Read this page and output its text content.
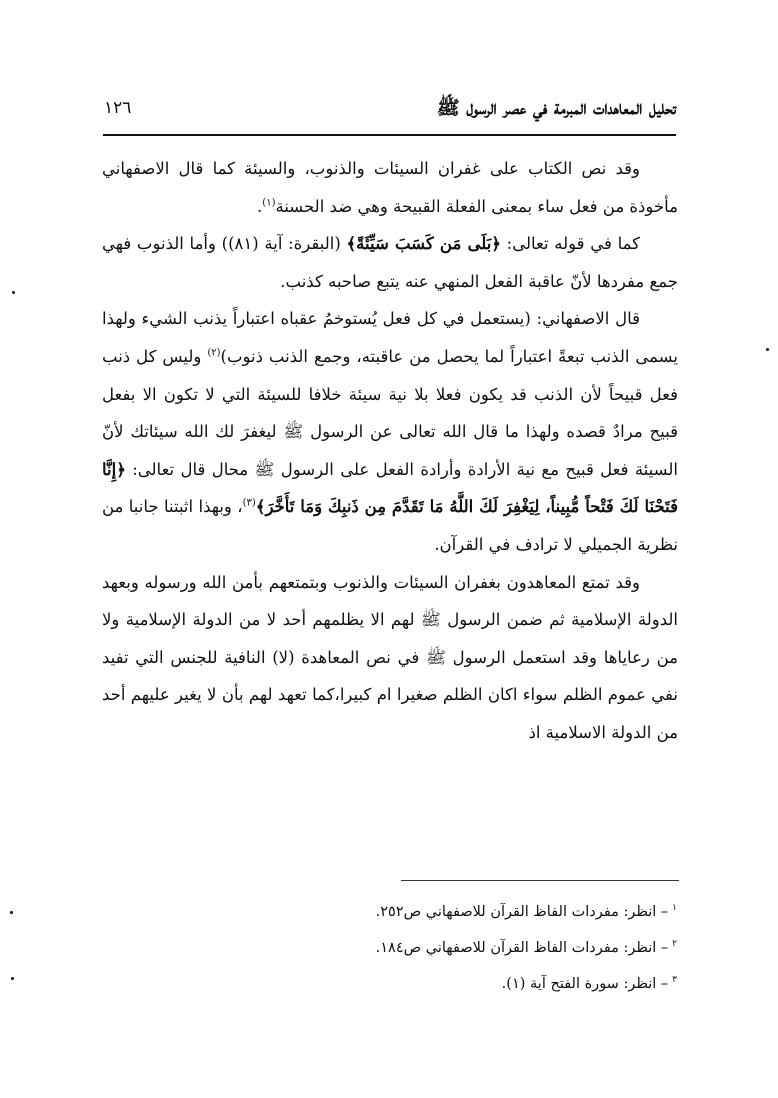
تحليل المعاهدات المبرمة في عصر الرسول ﷺ
١٢٦

وقد نص الكتاب على غفران السيئات والذنوب، والسيئة كما قال الاصفهاني مأخوذة من فعل ساء بمعنى الفعلة القبيحة وهي ضد الحسنة$^{(١)}$.

كما في قوله تعالى: ﴿بَلَى مَن كَسَبَ سَيِّئَةً﴾ (البقرة: آية (٨١)) وأما الذنوب فهي جمع مفردها لأنّ عاقبة الفعل المنهي عنه يتبع صاحبه كذنب.

قال الاصفهاني: (يستعمل في كل فعل يُستوخمُ عقباه اعتباراً يذنب الشيء ولهذا يسمى الذنب تبعةً اعتباراً لما يحصل من عاقبته، وجمع الذنب ذنوب)$^{(٢)}$ وليس كل ذنب فعل قبيحاً لأن الذنب قد يكون فعلا بلا نية سيئة خلافا للسيئة التي لا تكون الا بفعل قبيح مرادٌ قصده ولهذا ما قال الله تعالى عن الرسول ﷺ ليغفرَ لك الله سيئاتك لأنّ السيئة فعل قبيح مع نية الأرادة وأرادة الفعل على الرسول ﷺ محال قال تعالى: ﴿إِنَّا فَتَحْنَا لَكَ فَتْحاً مُّبِيناً، لِيَغْفِرَ لَكَ اللَّهُ مَا تَقَدَّمَ مِن ذَنبِكَ وَمَا تَأَخَّرَ﴾$^{(٣)}$، وبهذا اثبتنا جانبا من نظرية الجميلي لا ترادف في القرآن.

وقد تمتع المعاهدون بغفران السيئات والذنوب وبتمتعهم بأمن الله ورسوله وبعهد الدولة الإسلامية ثم ضمن الرسول ﷺ لهم الا يظلمهم أحد لا من الدولة الإسلامية ولا من رعاياها وقد استعمل الرسول ﷺ في نص المعاهدة (لا) النافية للجنس التي تفيد نفي عموم الظلم سواء اكان الظلم صغيرا ام كبيرا،كما تعهد لهم بأن لا يغير عليهم أحد من الدولة الاسلامية اذ

$^١$– انظر: مفردات الفاظ القرآن للاصفهاني ص٢٥٢.

$^٢$– انظر: مفردات الفاظ القرآن للاصفهاني ص١٨٤.

$^٣$– انظر: سورة الفتح آية (١).
